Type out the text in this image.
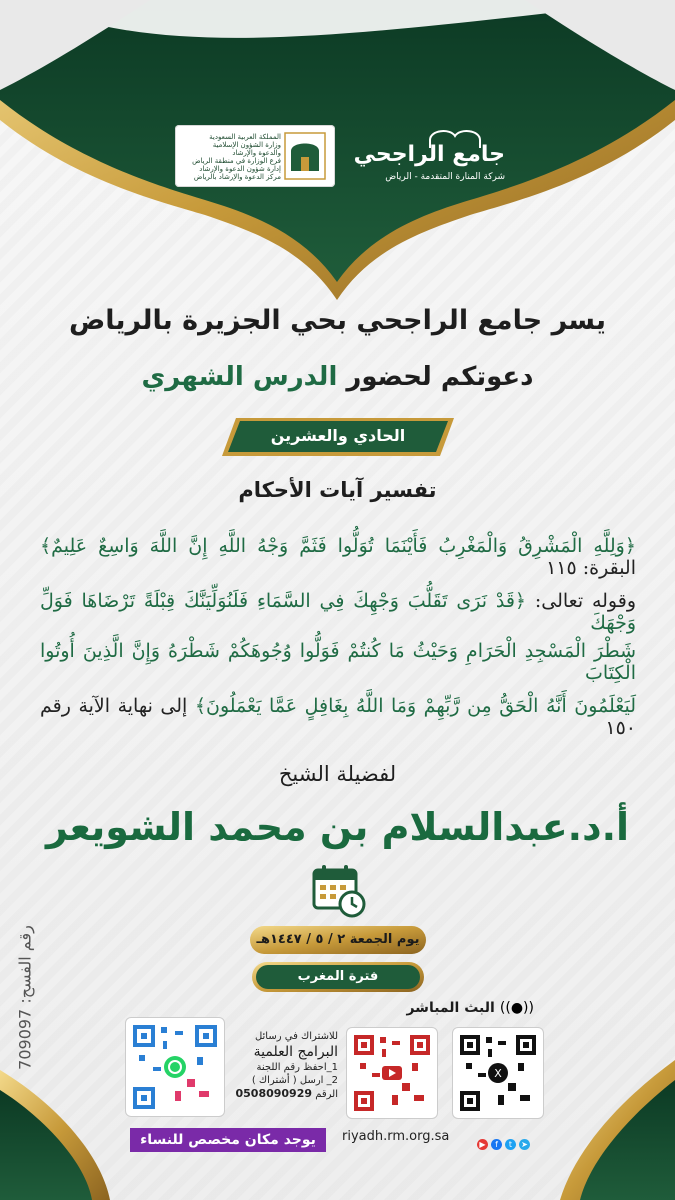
المملكة العربية السعودية
وزارة الشؤون الإسلامية
والدعوة والإرشاد
فرع الوزارة في منطقة الرياض
إدارة شؤون الدعوة والإرشاد
مركز الدعوة والإرشاد بالرياض
جامع الراجحي
شركة المنارة المتقدمة - الرياض
يسر جامع الراجحي بحي الجزيرة بالرياض
دعوتكم لحضور الدرس الشهري
الحادي والعشرين
تفسير آيات الأحكام
﴿وَلِلَّهِ الْمَشْرِقُ وَالْمَغْرِبُ فَأَيْنَمَا تُوَلُّوا فَثَمَّ وَجْهُ اللَّهِ إِنَّ اللَّهَ وَاسِعٌ عَلِيمٌ﴾ البقرة: ١١٥
وقوله تعالى: ﴿قَدْ نَرَى تَقَلُّبَ وَجْهِكَ فِي السَّمَاءِ فَلَنُوَلِّيَنَّكَ قِبْلَةً تَرْضَاهَا فَوَلِّ وَجْهَكَ
شَطْرَ الْمَسْجِدِ الْحَرَامِ وَحَيْثُ مَا كُنتُمْ فَوَلُّوا وُجُوهَكُمْ شَطْرَهُ وَإِنَّ الَّذِينَ أُوتُوا الْكِتَابَ
لَيَعْلَمُونَ أَنَّهُ الْحَقُّ مِن رَّبِّهِمْ وَمَا اللَّهُ بِغَافِلٍ عَمَّا يَعْمَلُونَ﴾ إلى نهاية الآية رقم ١٥٠
لفضيلة الشيخ
أ.د.عبدالسلام بن محمد الشويعر
رقم الفسح: 709097	يوم الجمعة ٢ / ٥ / ١٤٤٧هـ
فترة المغرب
((●)) البث المباشر
X
للاشتراك في رسائل
البرامج العلمية
1_احفظ رقم اللجنة
2_ ارسل ( أشتراك )
الرقم 0508090929
▶ f t ➤
riyadh.rm.org.sa
يوجد مكان مخصص للنساء
